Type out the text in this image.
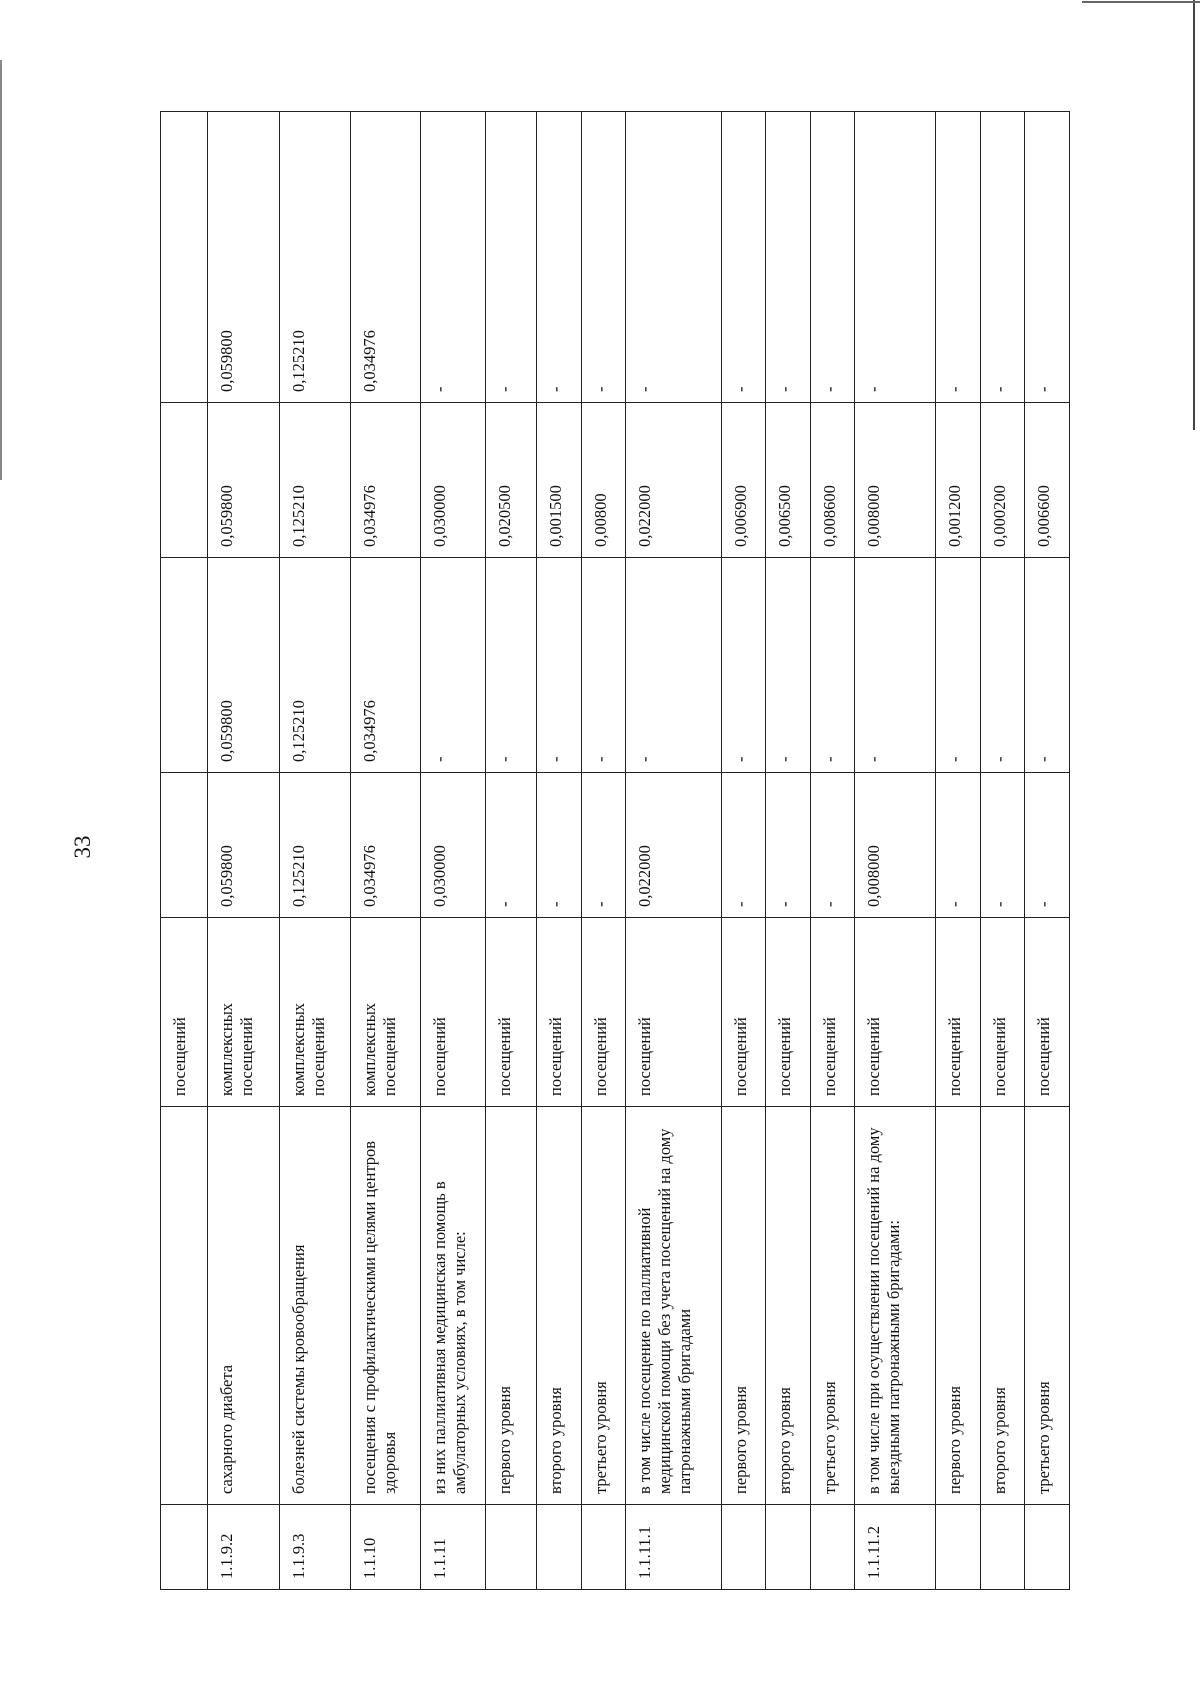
33
		посещений				
1.1.9.2	сахарного диабета	комплексных посещений	0,059800	0,059800	0,059800	0,059800
1.1.9.3	болезней системы кровообращения	комплексных посещений	0,125210	0,125210	0,125210	0,125210
1.1.10	посещения с профилактическими целями центров здоровья	комплексных посещений	0,034976	0,034976	0,034976	0,034976
1.1.11	из них паллиативная медицинская помощь в амбулаторных условиях, в том числе:	посещений	0,030000	-	0,030000	-
	первого уровня	посещений	-	-	0,020500	-
	второго уровня	посещений	-	-	0,001500	-
	третьего уровня	посещений	-	-	0,00800	-
1.1.11.1	в том числе посещение по паллиативной медицинской помощи без учета посещений на дому патронажными бригадами	посещений	0,022000	-	0,022000	-
	первого уровня	посещений	-	-	0,006900	-
	второго уровня	посещений	-	-	0,006500	-
	третьего уровня	посещений	-	-	0,008600	-
1.1.11.2	в том числе при осуществлении посещений на дому выездными патронажными бригадами:	посещений	0,008000	-	0,008000	-
	первого уровня	посещений	-	-	0,001200	-
	второго уровня	посещений	-	-	0,000200	-
	третьего уровня	посещений	-	-	0,006600	-
